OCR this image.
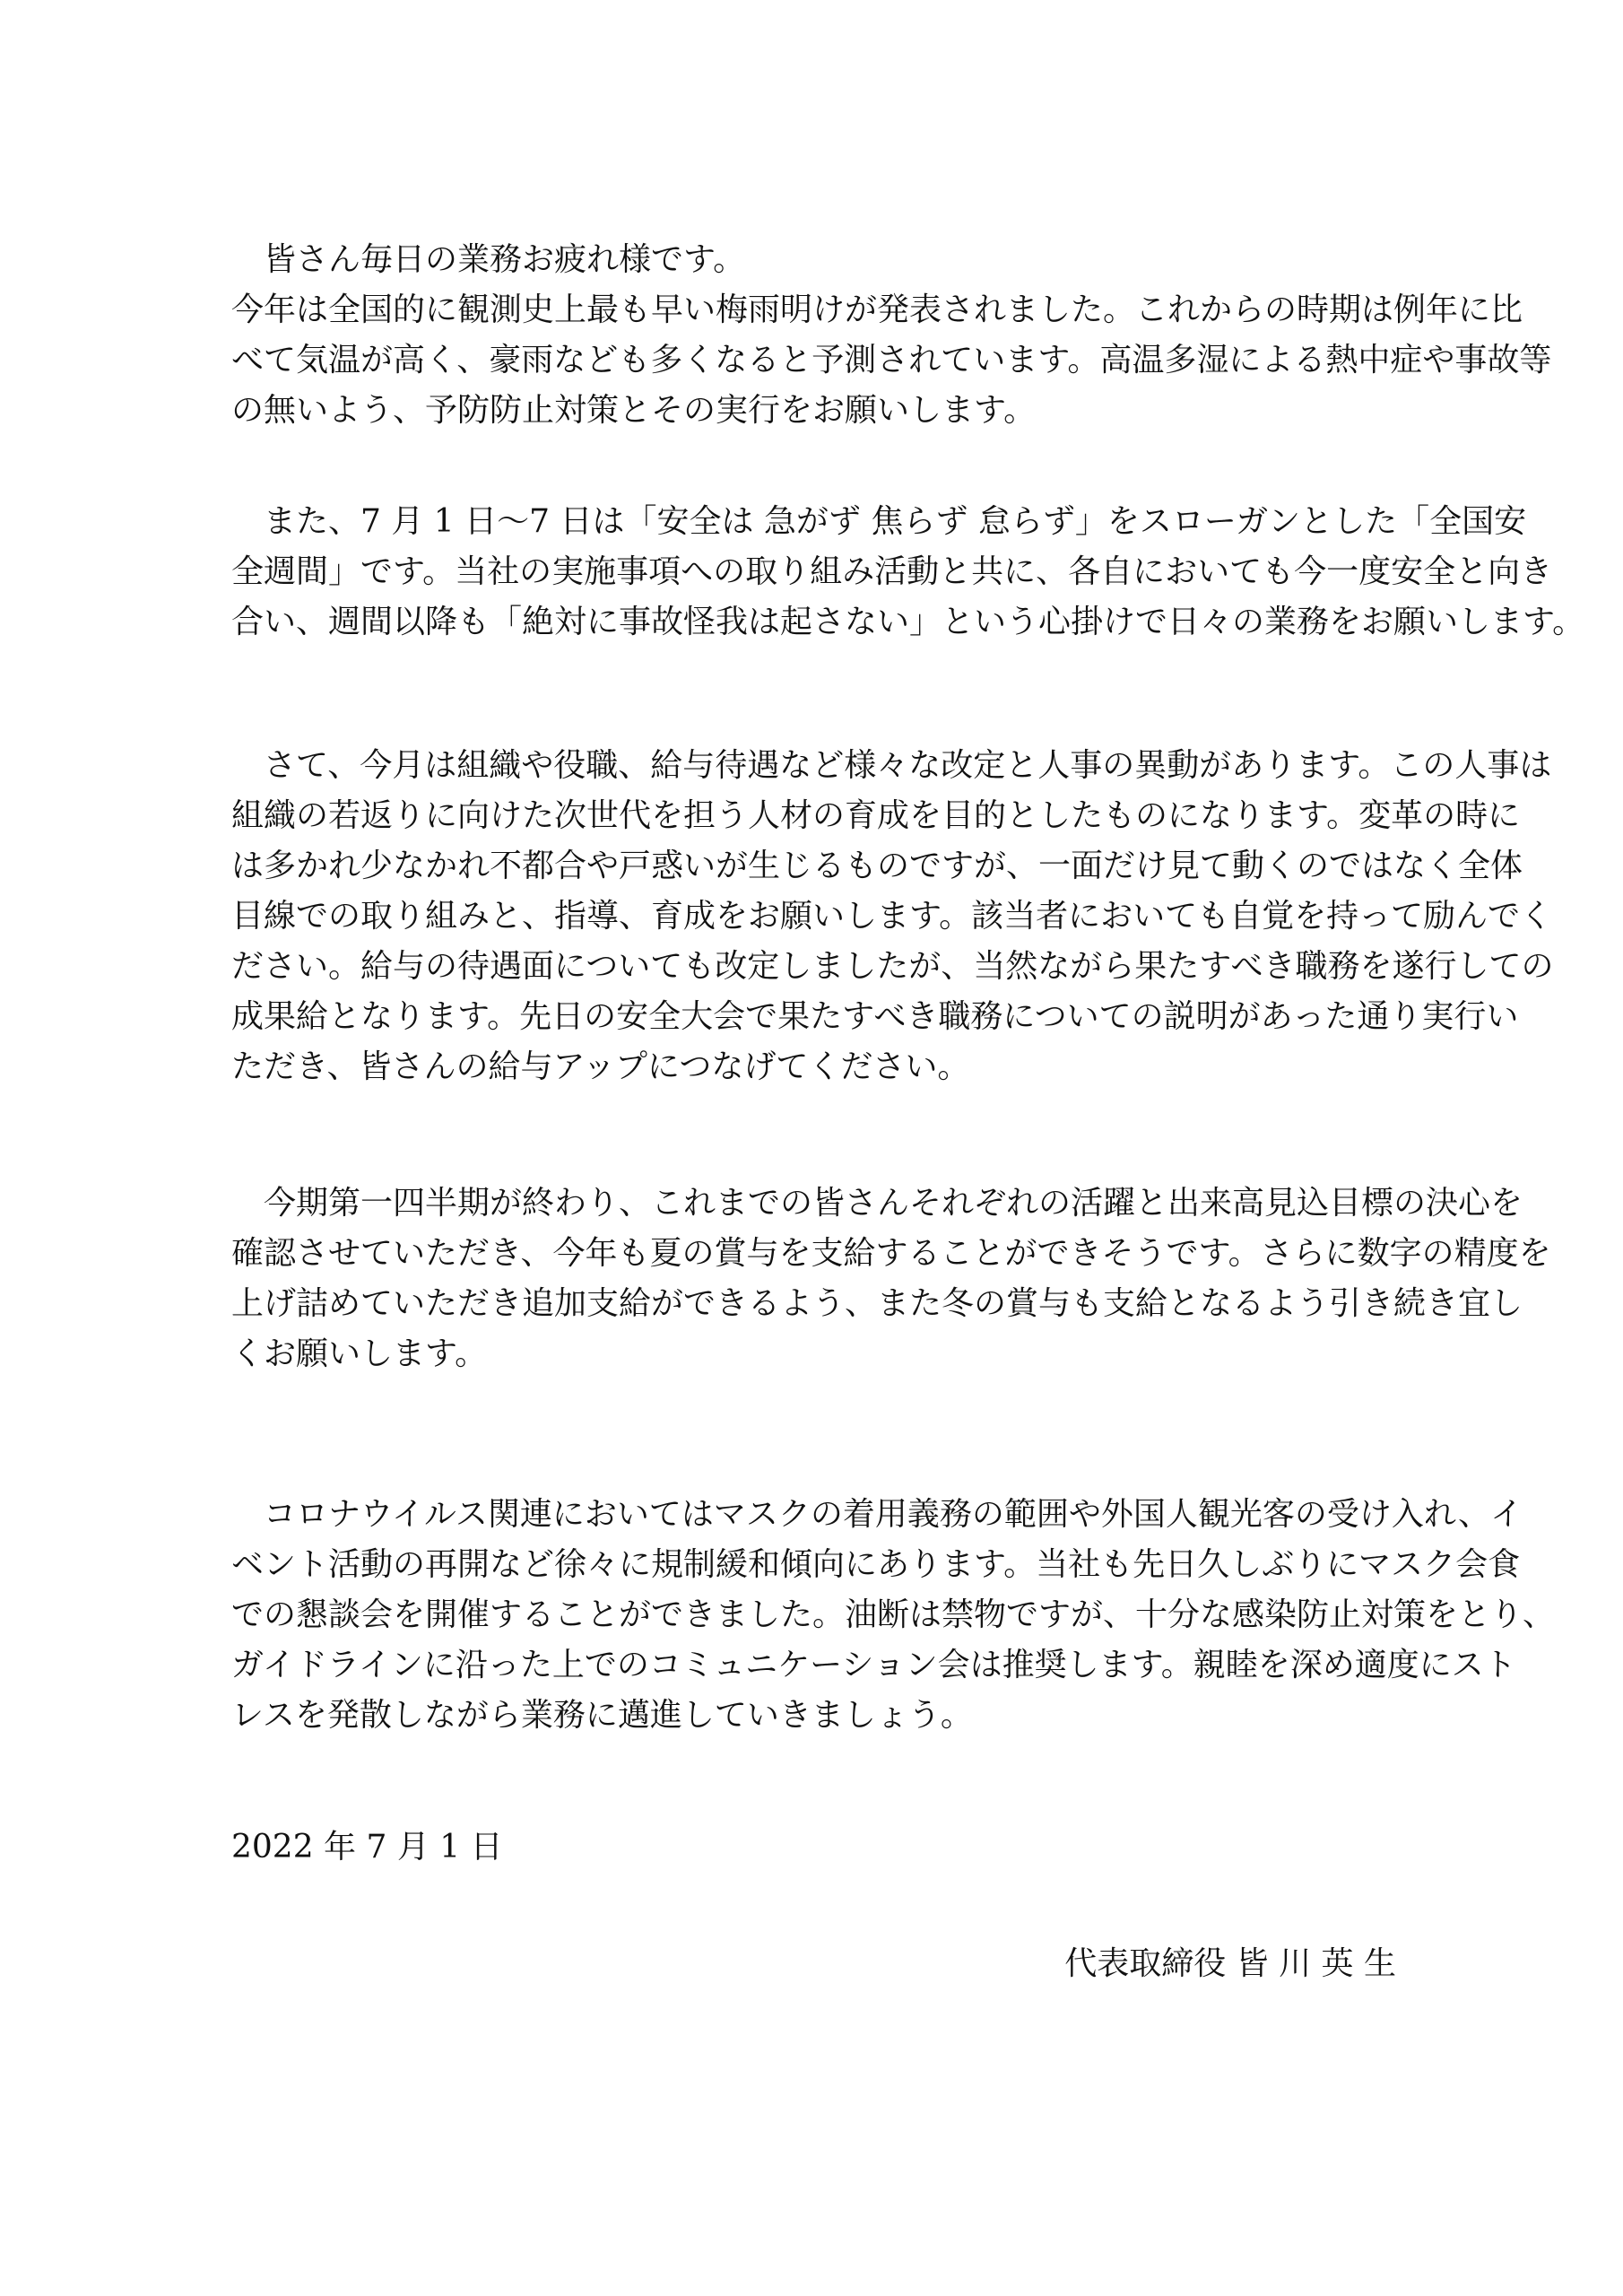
　皆さん毎日の業務お疲れ様です。
今年は全国的に観測史上最も早い梅雨明けが発表されました。これからの時期は例年に比
べて気温が高く、豪雨なども多くなると予測されています。高温多湿による熱中症や事故等
の無いよう、予防防止対策とその実行をお願いします。
　また、7 月 1 日〜7 日は「安全は 急がず 焦らず 怠らず」をスローガンとした「全国安
全週間」です。当社の実施事項への取り組み活動と共に、各自においても今一度安全と向き
合い、週間以降も「絶対に事故怪我は起さない」という心掛けで日々の業務をお願いします。
　さて、今月は組織や役職、給与待遇など様々な改定と人事の異動があります。この人事は
組織の若返りに向けた次世代を担う人材の育成を目的としたものになります。変革の時に
は多かれ少なかれ不都合や戸惑いが生じるものですが、一面だけ見て動くのではなく全体
目線での取り組みと、指導、育成をお願いします。該当者においても自覚を持って励んでく
ださい。給与の待遇面についても改定しましたが、当然ながら果たすべき職務を遂行しての
成果給となります。先日の安全大会で果たすべき職務についての説明があった通り実行い
ただき、皆さんの給与アップにつなげてください。
　今期第一四半期が終わり、これまでの皆さんそれぞれの活躍と出来高見込目標の決心を
確認させていただき、今年も夏の賞与を支給することができそうです。さらに数字の精度を
上げ詰めていただき追加支給ができるよう、また冬の賞与も支給となるよう引き続き宜し
くお願いします。
　コロナウイルス関連においてはマスクの着用義務の範囲や外国人観光客の受け入れ、イ
ベント活動の再開など徐々に規制緩和傾向にあります。当社も先日久しぶりにマスク会食
での懇談会を開催することができました。油断は禁物ですが、十分な感染防止対策をとり、
ガイドラインに沿った上でのコミュニケーション会は推奨します。親睦を深め適度にスト
レスを発散しながら業務に邁進していきましょう。
2022 年 7 月 1 日
代表取締役 皆 川 英 生
